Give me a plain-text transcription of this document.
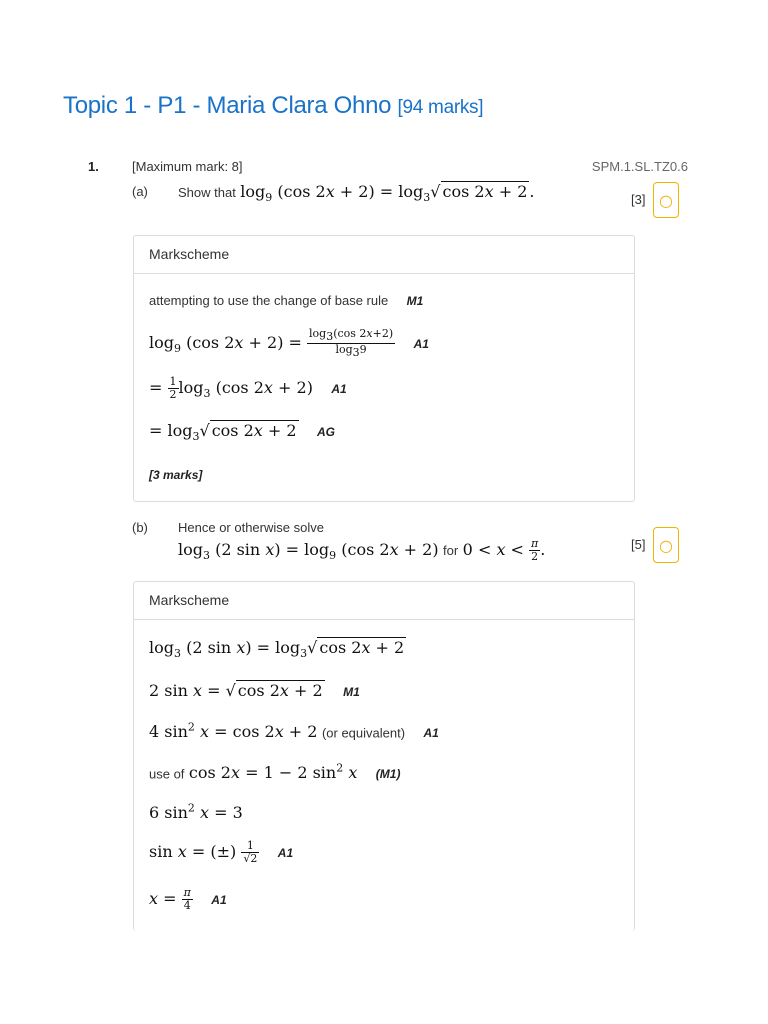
Topic 1 - P1 - Maria Clara Ohno [94 marks]
1.	[Maximum mark: 8]	SPM.1.SL.TZ0.6
(a) Show that $\log_9 (\cos$ $2x + 2) = \log_3√$ cos 2x + 2 .	[3] ○
Markscheme
attempting to use the change of base rule M1
$\log_9 (\cos$ $2x + 2) = \frac{\log_3(\cos 2x+2)}{\log_39} A1$
= $\frac{1}{2} \log_3 (\cos$ 2x + 2) A1
= $\log_3√$ cos 2x + 2 AG
[3 marks]
(b) Hence or otherwise solve
$\log_3 (2$ $\sin x) = \log_9 (\cos$ 2x + 2) for $0 < x < \frac{\pi}{2}$ .	[5] ○
Markscheme
$\log_3 (2$ $\sin x) = \log_3√$ cos 2x + 2
2 sin x = √ cos 2x + 2 M1
4 $\sin^2 x = \cos 2x + 2$ (or equivalent) A1
use of cos 2x = 1 − 2 $\sin^2 x$ (M1)
6 $\sin^2 x = 3$
sin x = (±) $\frac{1}{√2} A1$
$x = \frac{\pi}{4} A1$
